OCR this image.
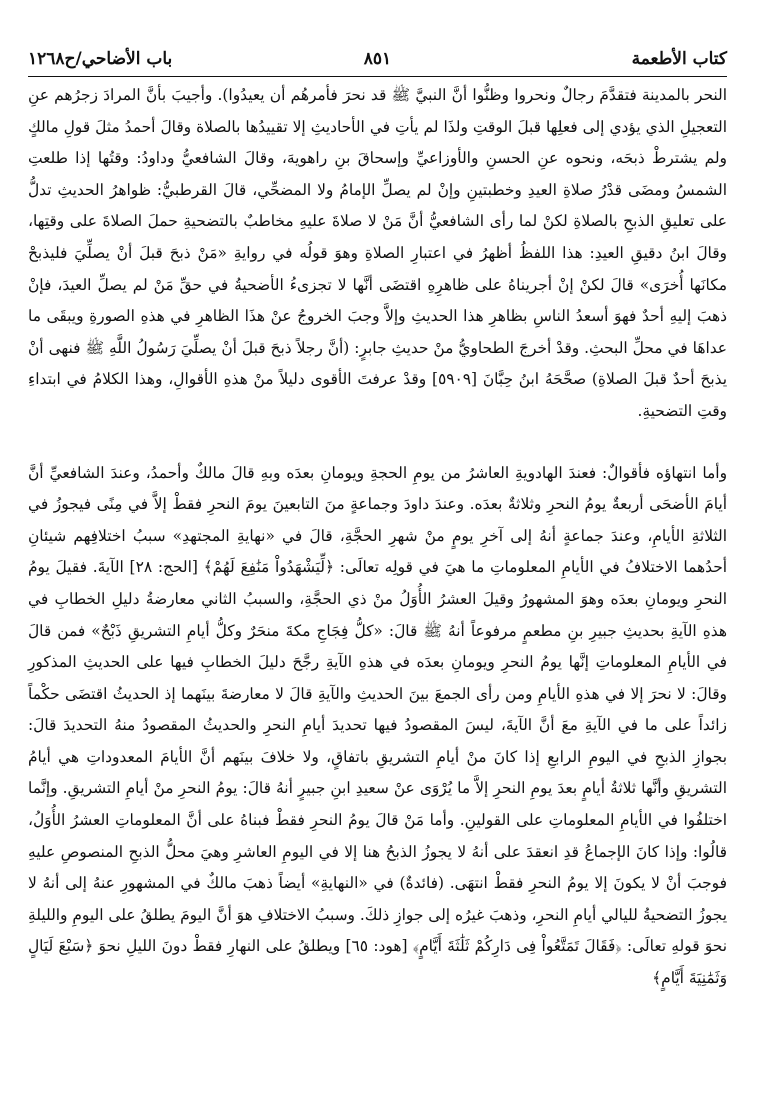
كتاب الأطعمة
٨٥١
باب الأضاحي/ح١٢٦٨

النحر بالمدينة فتقدَّمَ رجالٌ ونحروا وظنُّوا أنَّ النبيَّ ﷺ قد نحرَ فأمرهُم أن يعيدُوا). وأجيبَ بأنَّ المرادَ زجرُهم عنِ التعجيلِ الذي يؤدي إلى فعلِها قبلَ الوقتِ ولذَا لم يأتِ في الأحاديثِ إلا تقييدُها بالصلاة وقالَ أحمدُ مثلَ قولِ مالكٍ ولم يشترطْ ذبحَه، ونحوه عنِ الحسنِ والأوزاعيِّ وإسحاقَ بنِ راهويهَ، وقالَ الشافعيُّ وداودُ: وقتُها إذا طلعتِ الشمسُ ومضَى قدْرُ صلاةِ العيدِ وخطبتينِ وإنْ لم يصلِّ الإمامُ ولا المضحِّي، قالَ القرطبيُّ: ظواهرُ الحديثِ تدلُّ على تعليقِ الذبحِ بالصلاةِ لكنْ لما رأى الشافعيُّ أنَّ مَنْ لا صلاةَ عليهِ مخاطبٌ بالتضحيةِ حملَ الصلاةَ على وقتِها، وقالَ ابنُ دقيقِ العيدِ: هذا اللفظُ أظهرُ في اعتبارِ الصلاةِ وهوَ قولُه في روايةِ «مَنْ ذبحَ قبلَ أنْ يصلِّيَ فليذبحْ مكانَها أُخرَى» قالَ لكنْ إنْ أجريناهُ على ظاهرِهِ اقتضَى أنَّها لا تجزىءُ الأضحيةُ في حقِّ مَنْ لم يصلِّ العيدَ، فإنْ ذهبَ إليهِ أحدٌ فهوَ أسعدُ الناسِ بظاهرِ هذا الحديثِ وإلاَّ وجبَ الخروجُ عنْ هذَا الظاهرِ في هذهِ الصورةِ ويبقَى ما عداهَا في محلِّ البحثِ. وقدْ أخرجَ الطحاويُّ منْ حديثِ جابرٍ: (أنَّ رجلاً ذبحَ قبلَ أنْ يصلِّيَ رَسُولُ اللَّهِ ﷺ فنهى أنْ يذبحَ أحدٌ قبلَ الصلاةِ) صحَّحَهُ ابنُ حِبَّانَ [٥٩٠٩] وقدْ عرفتَ الأقوى دليلاً منْ هذهِ الأقوالِ، وهذا الكلامُ في ابتداءِ وقتِ التضحيةِ.

وأما انتهاؤه فأقوالٌ: فعندَ الهادويةِ العاشرُ من يومِ الحجةِ ويومانِ بعدَه وبهِ قالَ مالكٌ وأحمدُ، وعندَ الشافعيِّ أنَّ أيامَ الأضحَى أربعةٌ يومُ النحرِ وثلاثةٌ بعدَه. وعندَ داودَ وجماعةٍ منَ التابعينَ يومَ النحرِ فقطْ إلاَّ في مِنًى فيجوزُ في الثلاثةِ الأيامِ، وعندَ جماعةٍ أنهُ إلى آخرِ يومٍ منْ شهرِ الحجَّةِ، قالَ في «نهايةِ المجتهدِ» سببُ اختلافِهم شيئانِ أحدُهما الاختلافُ في الأيامِ المعلوماتِ ما هيَ في قولِه تعالَى: ﴿لِّيَشْهَدُواْ مَنَٰفِعَ لَهُمْ﴾ [الحج: ٢٨] الآيةَ. فقيلَ يومُ النحرِ ويومانِ بعدَه وهوَ المشهورُ وقيلَ العشرُ الأُوَلُ منْ ذي الحجَّةِ، والسببُ الثاني معارضةُ دليلِ الخطابِ في هذهِ الآيةِ بحديثِ جبيرِ بنِ مطعمٍ مرفوعاً أنهُ ﷺ قالَ: «كلُّ فِجَاجِ مكةَ منحَرٌ وكلُّ أيامِ التشريقِ ذَبْحٌ» فمن قالَ في الأيامِ المعلوماتِ إنَّها يومُ النحرِ ويومانِ بعدَه في هذهِ الآيةِ رجَّحَ دليلَ الخطابِ فيها على الحديثِ المذكورِ وقالَ: لا نحرَ إلا في هذهِ الأيامِ ومن رأى الجمعَ بينَ الحديثِ والآيةِ قالَ لا معارضةَ بينَهما إذ الحديثُ اقتضَى حكْماً زائداً على ما في الآيةِ معَ أنَّ الآيةَ، ليسَ المقصودُ فيها تحديدَ أيامِ النحرِ والحديثُ المقصودُ منهُ التحديدَ قالَ: بجوازِ الذبحِ في اليومِ الرابعِ إذا كانَ منْ أيامِ التشريقِ باتفاقٍ، ولا خلافَ بينَهم أنَّ الأيامَ المعدوداتِ هي أيامُ التشريقِ وأنَّها ثلاثةُ أيامٍ بعدَ يومِ النحرِ إلاَّ ما يُرْوَى عنْ سعيدِ ابنِ جبيرٍ أنهُ قالَ: يومُ النحرِ منْ أيامِ التشريقِ. وإنَّما اختلفُوا في الأيامِ المعلوماتِ على القولينِ. وأما مَنْ قالَ يومُ النحرِ فقطْ فبناهُ على أنَّ المعلوماتِ العشرُ الأُوَلُ، قالُوا: وإذا كانَ الإجماعُ قدِ انعقدَ على أنهُ لا يجوزُ الذبحُ هنا إلا في اليومِ العاشرِ وهيَ محلُّ الذبحِ المنصوصِ عليهِ فوجبَ أنْ لا يكونَ إلا يومُ النحرِ فقطْ انتهَى. (فائدةٌ) في «النهايةِ» أيضاً ذهبَ مالكٌ في المشهورِ عنهُ إلى أنهُ لا يجوزُ التضحيةُ لليالي أيامِ النحرِ، وذهبَ غيرُه إلى جوازِ ذلكَ. وسببُ الاختلافِ هوَ أنَّ اليومَ يطلقُ على اليومِ والليلةِ نحوَ قولهِ تعالَى: ﴿فَقَالَ تَمَتَّعُواْ فِى دَارِكُمْ ثَلَٰثَةَ أَيَّامٍ﴾ [هود: ٦٥] ويطلقُ على النهارِ فقطْ دونَ الليلِ نحوَ ﴿سَبْعَ لَيَالٍ وَثَمَٰنِيَةَ أَيَّامٍ﴾
